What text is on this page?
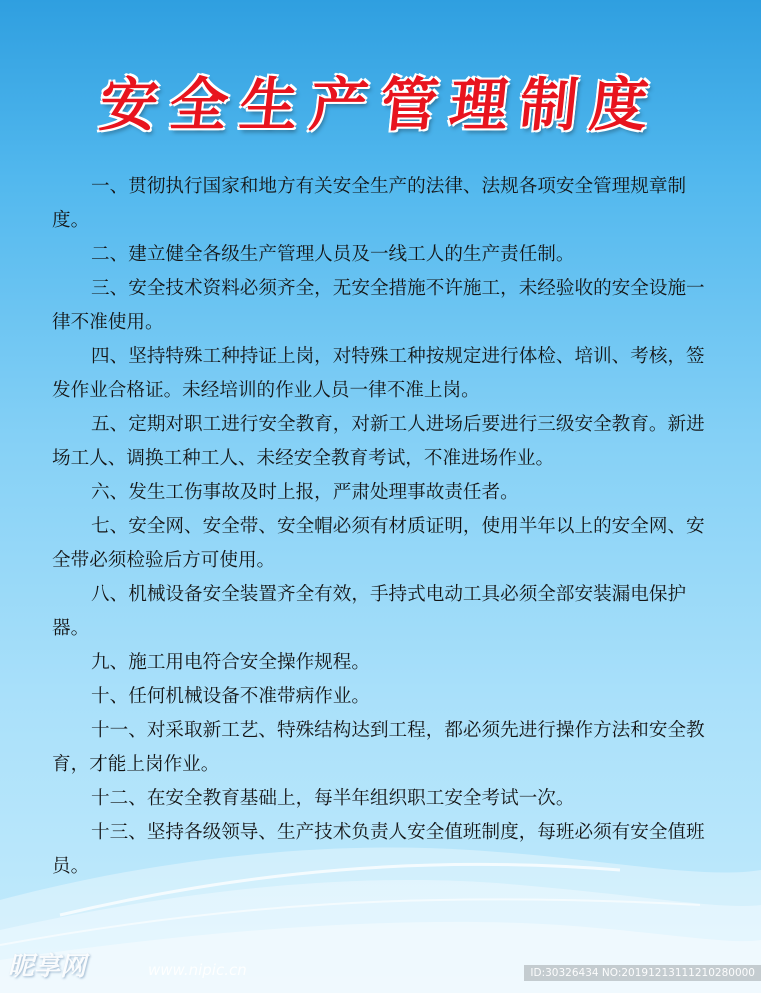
安全生产管理制度

一、贯彻执行国家和地方有关安全生产的法律、法规各项安全管理规章制度。

二、建立健全各级生产管理人员及一线工人的生产责任制。

三、安全技术资料必须齐全，无安全措施不许施工，未经验收的安全设施一律不准使用。

四、坚持特殊工种持证上岗，对特殊工种按规定进行体检、培训、考核，签发作业合格证。未经培训的作业人员一律不准上岗。

五、定期对职工进行安全教育，对新工人进场后要进行三级安全教育。新进场工人、调换工种工人、未经安全教育考试，不准进场作业。

六、发生工伤事故及时上报，严肃处理事故责任者。

七、安全网、安全带、安全帽必须有材质证明，使用半年以上的安全网、安全带必须检验后方可使用。

八、机械设备安全装置齐全有效，手持式电动工具必须全部安装漏电保护器。

九、施工用电符合安全操作规程。

十、任何机械设备不准带病作业。

十一、对采取新工艺、特殊结构达到工程，都必须先进行操作方法和安全教育，才能上岗作业。

十二、在安全教育基础上，每半年组织职工安全考试一次。

十三、坚持各级领导、生产技术负责人安全值班制度，每班必须有安全值班员。

昵享网	www.nipic.cn	ID:30326434 NO:20191213111210280000
